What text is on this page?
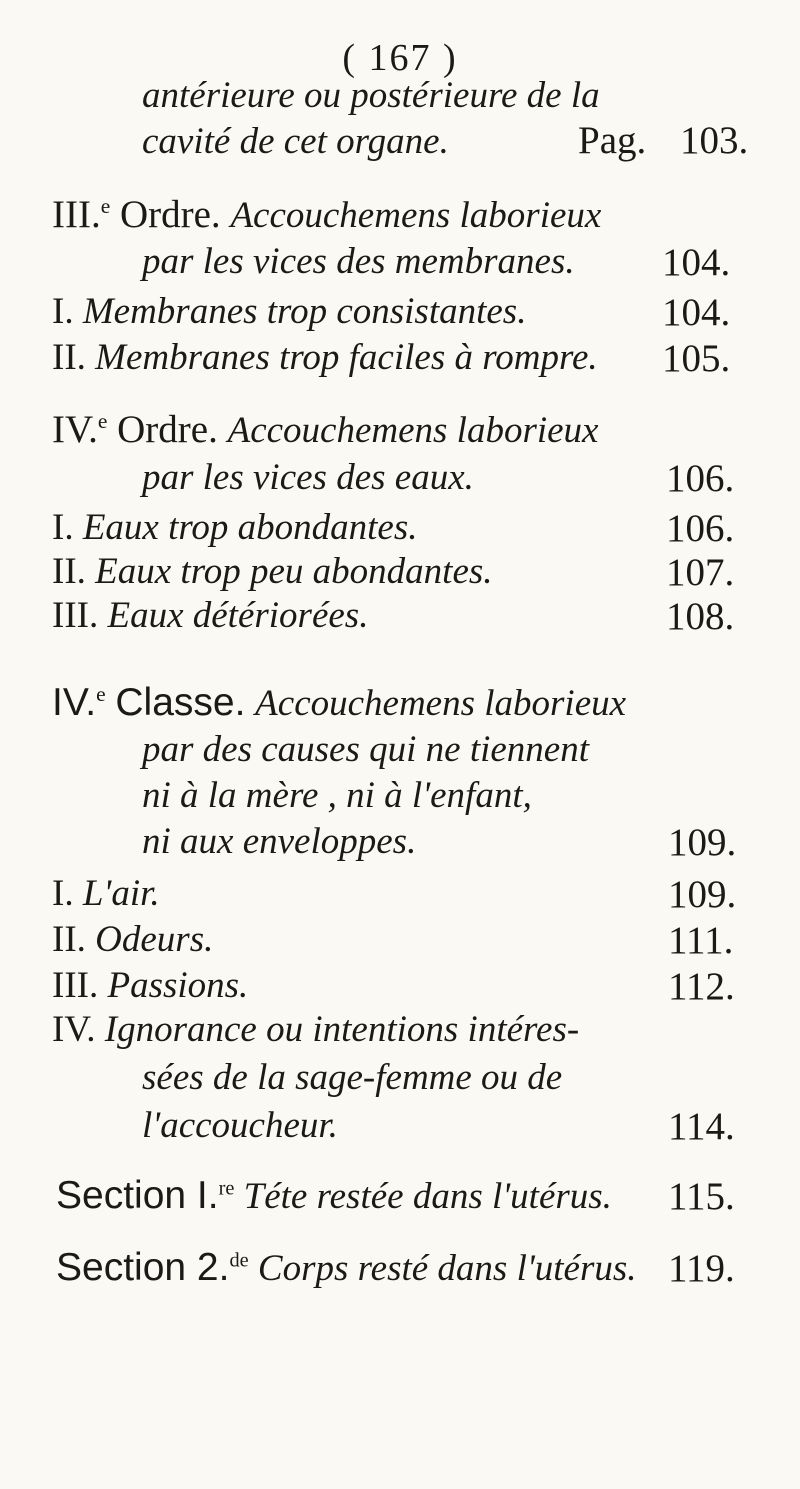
( 167 )
antérieure ou postérieure de la
cavité de cet organe.	Pag. 103.
III.$^e$ Ordre. Accouchemens laborieux
par les vices des membranes. 104.
I. Membranes trop consistantes.	104.
II. Membranes trop faciles à rompre. 105.
IV.$^e$ Ordre. Accouchemens laborieux
par les vices des eaux.	106.
I. Eaux trop abondantes.	106.
II. Eaux trop peu abondantes.	107.
III. Eaux détériorées.	108.
IV.$^e$ Classe. Accouchemens laborieux
par des causes qui ne tiennent
ni à la mère , ni à l'enfant,
ni aux enveloppes.	109.
I. L'air.	109.
II. Odeurs.	111.
III. Passions.	112.
IV. Ignorance ou intentions intéres-
sées de la sage-femme ou de
l'accoucheur.	114.
Section I.$^{re}$ Téte restée dans l'utérus. 115.
Section 2.$^{de}$ Corps resté dans l'utérus. 119.
